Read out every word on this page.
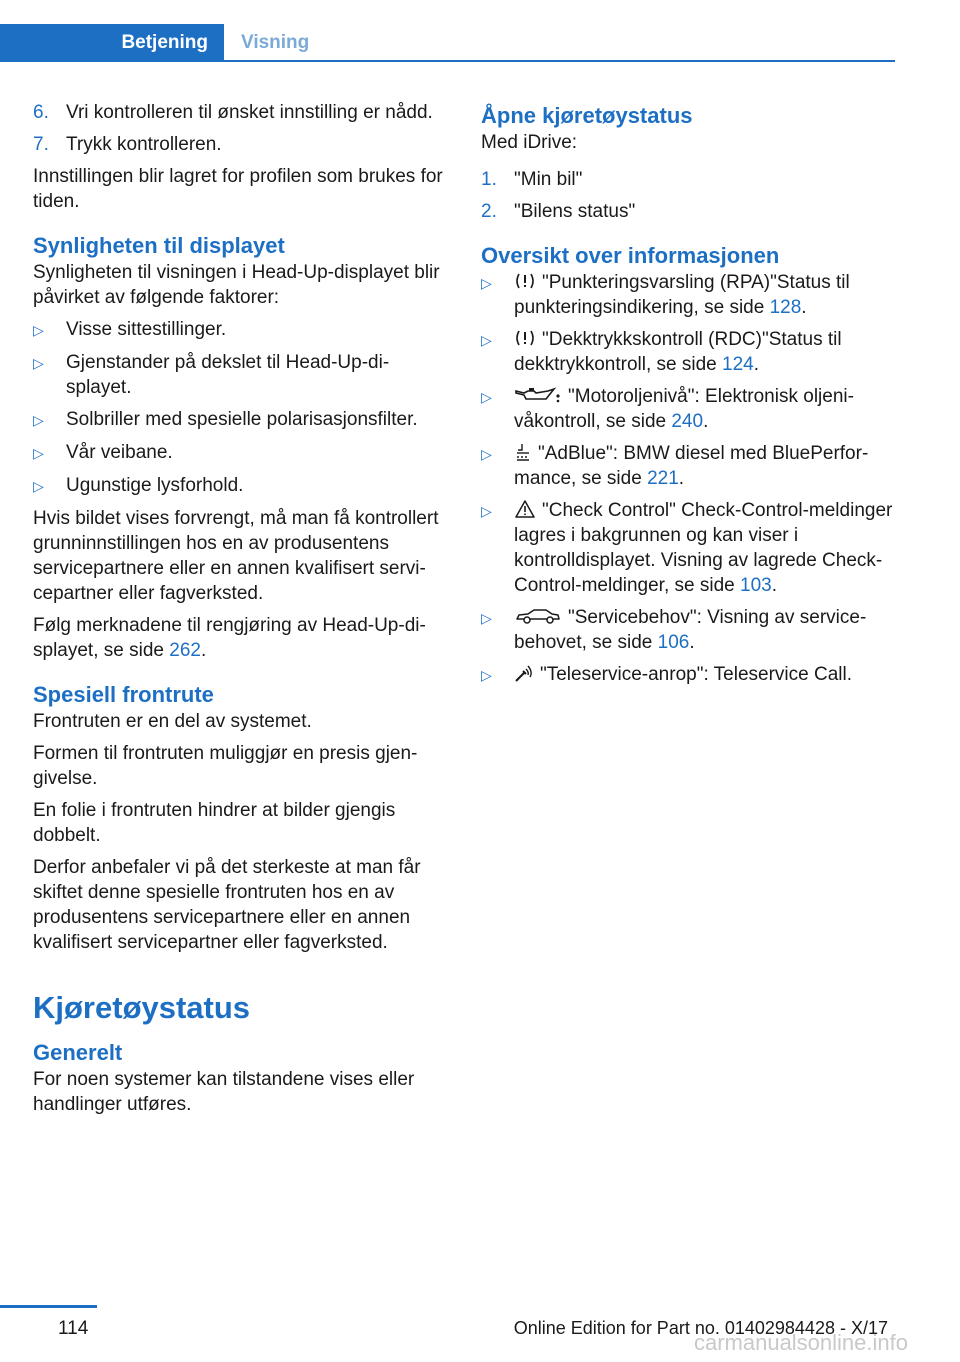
Betjening	Visning
6. Vri kontrolleren til ønsket innstilling er nådd.
7. Trykk kontrolleren.

Innstillingen blir lagret for profilen som brukes for tiden.

Synligheten til displayet

Synligheten til visningen i Head-Up-displayet blir påvirket av følgende faktorer:

▷	Visse sittestillinger.
▷	Gjenstander på dekslet til Head-Up-displayet.
▷	Solbriller med spesielle polarisasjonsfilter.
▷	Vår veibane.
▷	Ugunstige lysforhold.

Hvis bildet vises forvrengt, må man få kontrollert grunninnstillingen hos en av produsentens servicepartnere eller en annen kvalifisert servicepartner eller fagverksted.

Følg merknadene til rengjøring av Head-Up-displayet, se side 262.

Spesiell frontrute

Frontruten er en del av systemet.

Formen til frontruten muliggjør en presis gjengivelse.

En folie i frontruten hindrer at bilder gjengis dobbelt.

Derfor anbefaler vi på det sterkeste at man får skiftet denne spesielle frontruten hos en av produsentens servicepartnere eller en annen kvalifisert servicepartner eller fagverksted.

Kjøretøystatus
Generelt

For noen systemer kan tilstandene vises eller handlinger utføres.

Åpne kjøretøystatus

Med iDrive:

1. "Min bil"
2. "Bilens status"
Oversikt over informasjonen
▷	"Punkteringsvarsling (RPA)"Status til punkteringsindikering, se side 128.
▷	"Dekktrykkskontroll (RDC)"Status til dekktrykkontroll, se side 124.
▷	"Motoroljenivå": Elektronisk oljenivåkontroll, se side 240.
▷	"AdBlue": BMW diesel med BluePerformance, se side 221.
▷	"Check Control" Check-Control-meldinger lagres i bakgrunnen og kan viser i kontrolldisplayet. Visning av lagrede Check-Control-meldinger, se side 103.
▷	"Servicebehov": Visning av servicebehovet, se side 106.
▷	"Teleservice-anrop": Teleservice Call.
114	Online Edition for Part no. 01402984428 - X/17
carmanualsonline.info
